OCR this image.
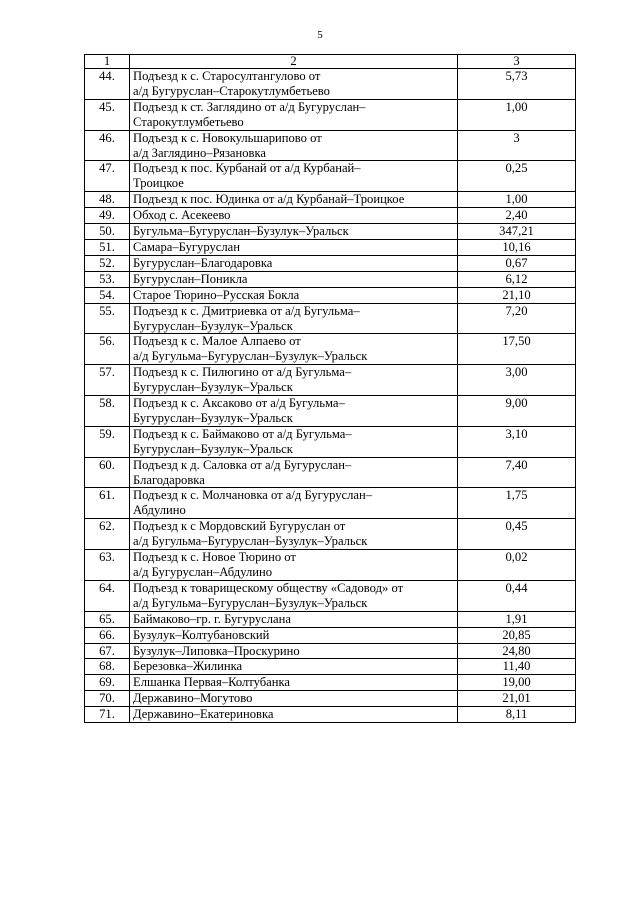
5
1	2	3
44.	Подъезд к с. Старосултангулово от
а/д Бугуруслан–Старокутлумбетьево	5,73
45.	Подъезд к ст. Заглядино от а/д Бугуруслан–
Старокутлумбетьево	1,00
46.	Подъезд к с. Новокульшарипово от
а/д Заглядино–Рязановка	3
47.	Подъезд к пос. Курбанай от а/д Курбанай–
Троицкое	0,25
48.	Подъезд к пос. Юдинка от а/д Курбанай–Троицкое	1,00
49.	Обход с. Асекеево	2,40
50.	Бугульма–Бугуруслан–Бузулук–Уральск	347,21
51.	Самара–Бугуруслан	10,16
52.	Бугуруслан–Благодаровка	0,67
53.	Бугуруслан–Поникла	6,12
54.	Старое Тюрино–Русская Бокла	21,10
55.	Подъезд к с. Дмитриевка от а/д Бугульма–
Бугуруслан–Бузулук–Уральск	7,20
56.	Подъезд к с. Малое Алпаево от
а/д Бугульма–Бугуруслан–Бузулук–Уральск	17,50
57.	Подъезд к с. Пилюгино от а/д Бугульма–
Бугуруслан–Бузулук–Уральск	3,00
58.	Подъезд к с. Аксаково от а/д Бугульма–
Бугуруслан–Бузулук–Уральск	9,00
59.	Подъезд к с. Баймаково от а/д Бугульма–
Бугуруслан–Бузулук–Уральск	3,10
60.	Подъезд к д. Саловка от а/д Бугуруслан–
Благодаровка	7,40
61.	Подъезд к с. Молчановка от а/д Бугуруслан–
Абдулино	1,75
62.	Подъезд к с Мордовский Бугуруслан от
а/д Бугульма–Бугуруслан–Бузулук–Уральск	0,45
63.	Подъезд к с. Новое Тюрино от
а/д Бугуруслан–Абдулино	0,02
64.	Подъезд к товарищескому обществу «Садовод» от
а/д Бугульма–Бугуруслан–Бузулук–Уральск	0,44
65.	Баймаково–гр. г. Бугуруслана	1,91
66.	Бузулук–Колтубановский	20,85
67.	Бузулук–Липовка–Проскурино	24,80
68.	Березовка–Жилинка	11,40
69.	Елшанка Первая–Колтубанка	19,00
70.	Державино–Могутово	21,01
71.	Державино–Екатериновка	8,11
